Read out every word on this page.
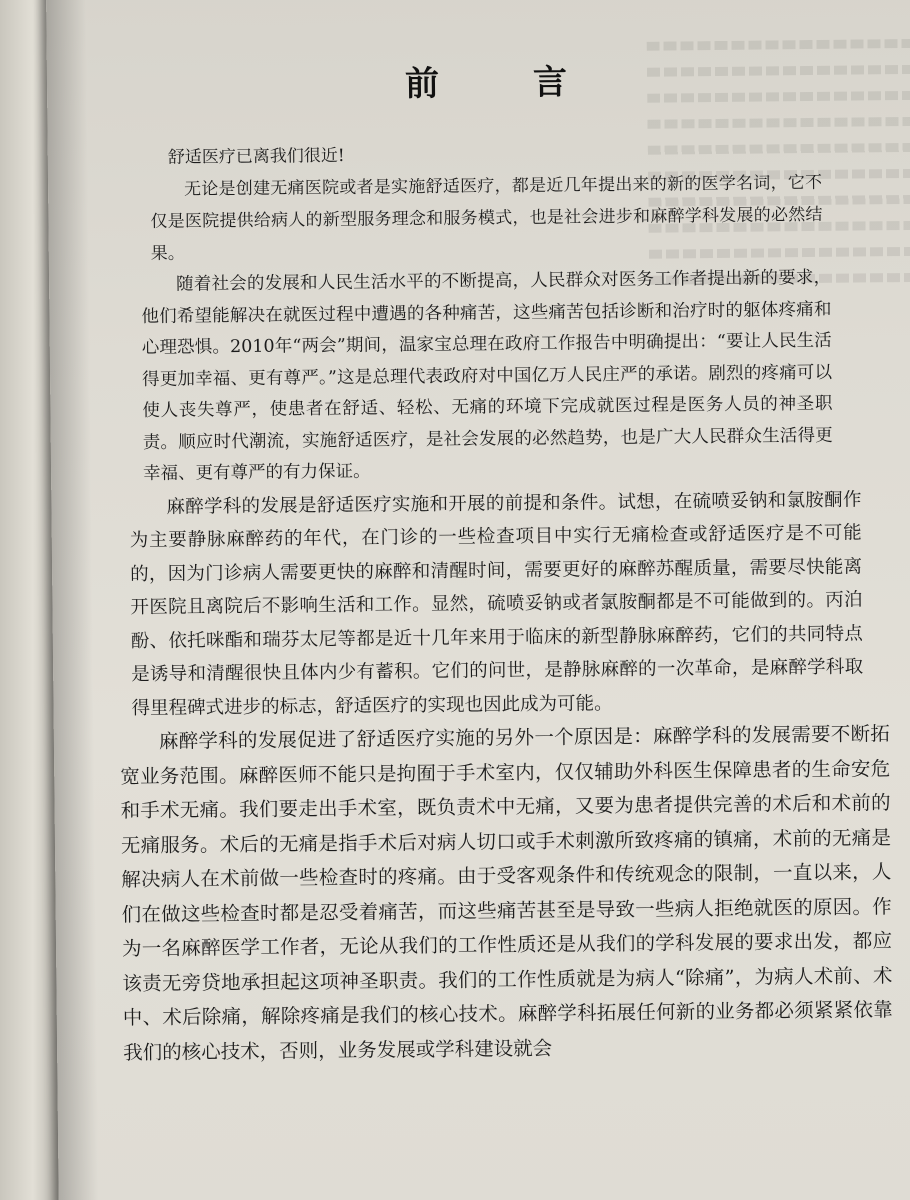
前	言

舒适医疗已离我们很近!

无论是创建无痛医院或者是实施舒适医疗，都是近几年提出来的新的医学名词，它不仅是医院提供给病人的新型服务理念和服务模式，也是社会进步和麻醉学科发展的必然结果。

随着社会的发展和人民生活水平的不断提高，人民群众对医务工作者提出新的要求，他们希望能解决在就医过程中遭遇的各种痛苦，这些痛苦包括诊断和治疗时的躯体疼痛和心理恐惧。2010年“两会”期间，温家宝总理在政府工作报告中明确提出：“要让人民生活得更加幸福、更有尊严。”这是总理代表政府对中国亿万人民庄严的承诺。剧烈的疼痛可以使人丧失尊严，使患者在舒适、轻松、无痛的环境下完成就医过程是医务人员的神圣职责。顺应时代潮流，实施舒适医疗，是社会发展的必然趋势，也是广大人民群众生活得更幸福、更有尊严的有力保证。

麻醉学科的发展是舒适医疗实施和开展的前提和条件。试想，在硫喷妥钠和氯胺酮作为主要静脉麻醉药的年代，在门诊的一些检查项目中实行无痛检查或舒适医疗是不可能的，因为门诊病人需要更快的麻醉和清醒时间，需要更好的麻醉苏醒质量，需要尽快能离开医院且离院后不影响生活和工作。显然，硫喷妥钠或者氯胺酮都是不可能做到的。丙泊酚、依托咪酯和瑞芬太尼等都是近十几年来用于临床的新型静脉麻醉药，它们的共同特点是诱导和清醒很快且体内少有蓄积。它们的问世，是静脉麻醉的一次革命，是麻醉学科取得里程碑式进步的标志，舒适医疗的实现也因此成为可能。

麻醉学科的发展促进了舒适医疗实施的另外一个原因是：麻醉学科的发展需要不断拓宽业务范围。麻醉医师不能只是拘囿于手术室内，仅仅辅助外科医生保障患者的生命安危和手术无痛。我们要走出手术室，既负责术中无痛，又要为患者提供完善的术后和术前的无痛服务。术后的无痛是指手术后对病人切口或手术刺激所致疼痛的镇痛，术前的无痛是解决病人在术前做一些检查时的疼痛。由于受客观条件和传统观念的限制，一直以来，人们在做这些检查时都是忍受着痛苦，而这些痛苦甚至是导致一些病人拒绝就医的原因。作为一名麻醉医学工作者，无论从我们的工作性质还是从我们的学科发展的要求出发，都应该责无旁贷地承担起这项神圣职责。我们的工作性质就是为病人“除痛”，为病人术前、术中、术后除痛，解除疼痛是我们的核心技术。麻醉学科拓展任何新的业务都必须紧紧依靠我们的核心技术，否则，业务发展或学科建设就会
